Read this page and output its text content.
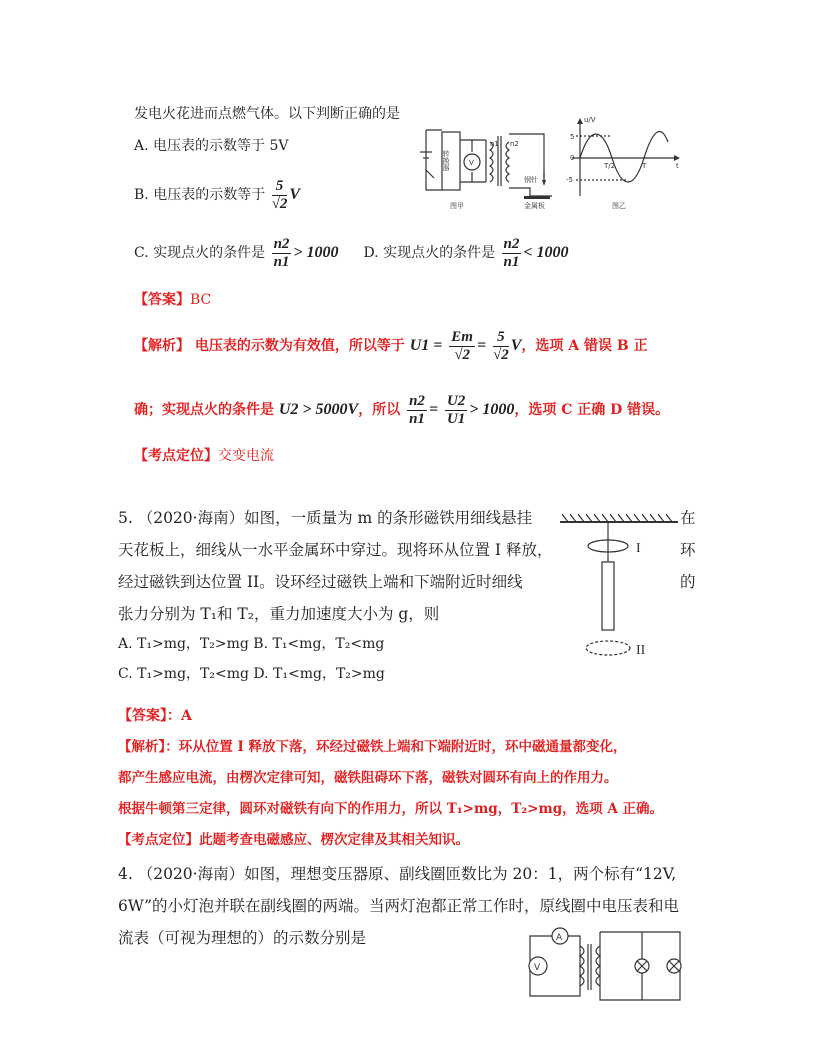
发电火花进而点燃气体。以下判断正确的是
A. 电压表的示数等于 5V
B. 电压表的示数等于 $\frac{5}{√2}$ V
C. 实现点火的条件是 $\frac{n2}{n1} > 1000$ D. 实现点火的条件是 $\frac{n2}{n1} < 1000$
转换器	V
n1 n2
钢针
金属板
图甲	图乙
u/V
t
5
0
-5
T/2	T
【答案】BC
【解析】 电压表的示数为有效值，所以等于 $U1 = \frac{Em}{√2} = \frac{5}{√2}$ V，选项 A 错误 B 正
确；实现点火的条件是 U2 > 5000V，所以 $\frac{n2}{n1} = \frac{U2}{U1} > 1000$，选项 C 正确 D 错误。
【考点定位】交变电流
5. （2020·海南）如图，一质量为 m 的条形磁铁用细线悬挂	在
天花板上，细线从一水平金属环中穿过。现将环从位置 I 释放，	环
经过磁铁到达位置 II。设环经过磁铁上端和下端附近时细线	的
张力分别为 T₁和 T₂，重力加速度大小为 g，则
A. T₁>mg，T₂>mg B. T₁<mg，T₂<mg
C. T₁>mg，T₂<mg D. T₁<mg，T₂>mg
I
II
【答案】：A
【解析】：环从位置 I 释放下落，环经过磁铁上端和下端附近时，环中磁通量都变化，
都产生感应电流，由楞次定律可知，磁铁阻碍环下落，磁铁对圆环有向上的作用力。
根据牛顿第三定律，圆环对磁铁有向下的作用力，所以 T₁>mg，T₂>mg，选项 A 正确。
【考点定位】此题考查电磁感应、楞次定律及其相关知识。
4. （2020·海南）如图，理想变压器原、副线圈匝数比为 20：1，两个标有“12V,
6W”的小灯泡并联在副线圈的两端。当两灯泡都正常工作时，原线圈中电压表和电
流表（可视为理想的）的示数分别是	A
V
